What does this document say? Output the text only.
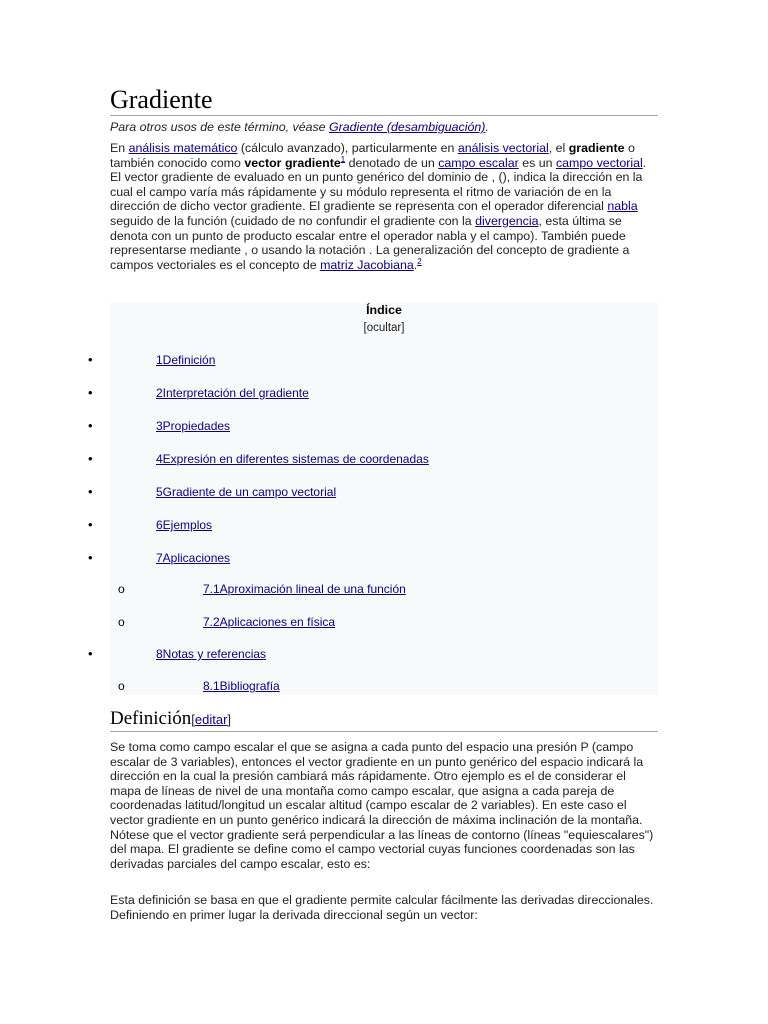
Gradiente
Para otros usos de este término, véase Gradiente (desambiguación).
En análisis matemático (cálculo avanzado), particularmente en análisis vectorial, el gradiente o también conocido como vector gradiente$^1$ denotado de un campo escalar es un campo vectorial. El vector gradiente de evaluado en un punto genérico del dominio de , (), indica la dirección en la cual el campo varía más rápidamente y su módulo representa el ritmo de variación de en la dirección de dicho vector gradiente. El gradiente se representa con el operador diferencial nabla seguido de la función (cuidado de no confundir el gradiente con la divergencia, esta última se denota con un punto de producto escalar entre el operador nabla y el campo). También puede representarse mediante , o usando la notación . La generalización del concepto de gradiente a campos vectoriales es el concepto de matriz Jacobiana.$^2$
Índice
[ocultar]
•	1Definición
•	2Interpretación del gradiente
•	3Propiedades
•	4Expresión en diferentes sistemas de coordenadas
•	5Gradiente de un campo vectorial
•	6Ejemplos
•	7Aplicaciones
o	7.1Aproximación lineal de una función
o	7.2Aplicaciones en física
•	8Notas y referencias
o	8.1Bibliografía
Definición[editar]
Se toma como campo escalar el que se asigna a cada punto del espacio una presión P (campo escalar de 3 variables), entonces el vector gradiente en un punto genérico del espacio indicará la dirección en la cual la presión cambiará más rápidamente. Otro ejemplo es el de considerar el mapa de líneas de nivel de una montaña como campo escalar, que asigna a cada pareja de coordenadas latitud/longitud un escalar altitud (campo escalar de 2 variables). En este caso el vector gradiente en un punto genérico indicará la dirección de máxima inclinación de la montaña. Nótese que el vector gradiente será perpendicular a las líneas de contorno (líneas "equiescalares") del mapa. El gradiente se define como el campo vectorial cuyas funciones coordenadas son las derivadas parciales del campo escalar, esto es:
Esta definición se basa en que el gradiente permite calcular fácilmente las derivadas direccionales. Definiendo en primer lugar la derivada direccional según un vector:
